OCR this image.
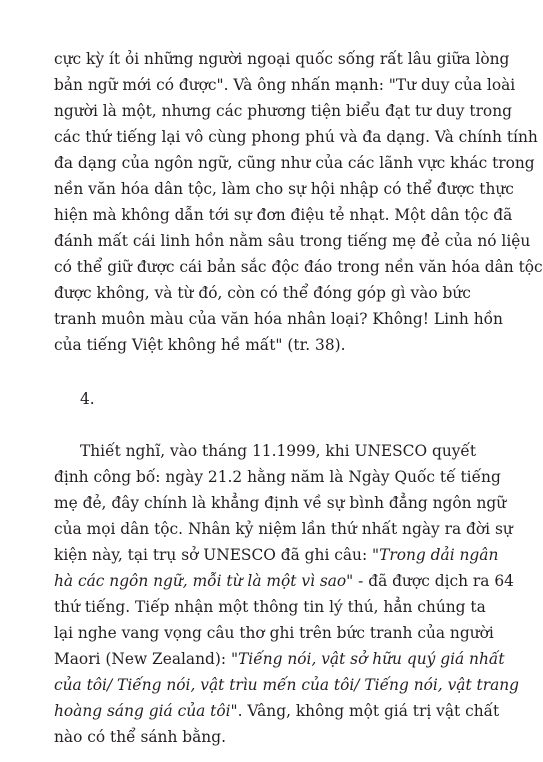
cực kỳ ít ỏi những người ngoại quốc sống rất lâu giữa lòng
bản ngữ mới có được". Và ông nhấn mạnh: "Tư duy của loài
người là một, nhưng các phương tiện biểu đạt tư duy trong
các thứ tiếng lại vô cùng phong phú và đa dạng. Và chính tính
đa dạng của ngôn ngữ, cũng như của các lãnh vực khác trong
nền văn hóa dân tộc, làm cho sự hội nhập có thể được thực
hiện mà không dẫn tới sự đơn điệu tẻ nhạt. Một dân tộc đã
đánh mất cái linh hồn nằm sâu trong tiếng mẹ đẻ của nó liệu
có thể giữ được cái bản sắc độc đáo trong nền văn hóa dân tộc
được không, và từ đó, còn có thể đóng góp gì vào bức
tranh muôn màu của văn hóa nhân loại? Không! Linh hồn
của tiếng Việt không hề mất" (tr. 38).
4.
Thiết nghĩ, vào tháng 11.1999, khi UNESCO quyết
định công bố: ngày 21.2 hằng năm là Ngày Quốc tế tiếng
mẹ đẻ, đây chính là khẳng định về sự bình đẳng ngôn ngữ
của mọi dân tộc. Nhân kỷ niệm lần thứ nhất ngày ra đời sự
kiện này, tại trụ sở UNESCO đã ghi câu: "Trong dải ngân
hà các ngôn ngữ, mỗi từ là một vì sao" - đã được dịch ra 64
thứ tiếng. Tiếp nhận một thông tin lý thú, hẳn chúng ta
lại nghe vang vọng câu thơ ghi trên bức tranh của người
Maori (New Zealand): "Tiếng nói, vật sở hữu quý giá nhất
của tôi/ Tiếng nói, vật trìu mến của tôi/ Tiếng nói, vật trang
hoàng sáng giá của tôi". Vâng, không một giá trị vật chất
nào có thể sánh bằng.
